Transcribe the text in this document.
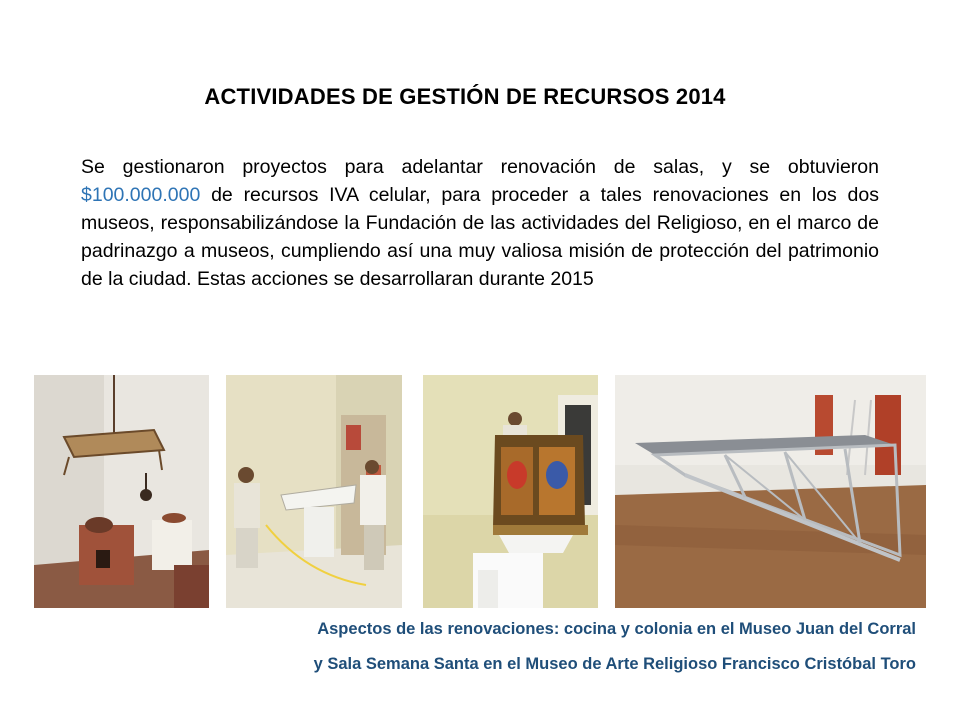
ACTIVIDADES DE GESTIÓN DE RECURSOS 2014
Se gestionaron proyectos para adelantar renovación de salas, y se obtuvieron $100.000.000 de recursos IVA celular, para proceder a tales renovaciones en los dos museos, responsabilizándose la Fundación de las actividades del Religioso, en el marco de padrinazgo a museos, cumpliendo así una muy valiosa misión de protección del patrimonio de la ciudad. Estas acciones se desarrollaran durante 2015
Aspectos de las renovaciones: cocina y colonia en el Museo Juan del Corral
y Sala Semana Santa en el Museo de Arte Religioso Francisco Cristóbal Toro
